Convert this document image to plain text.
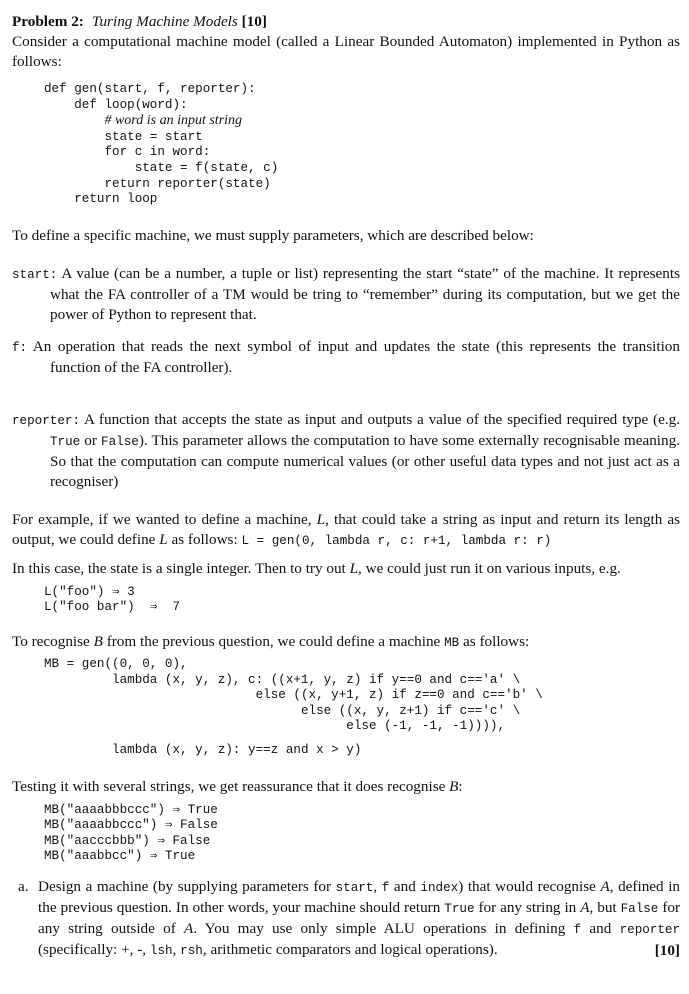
Problem 2: Turing Machine Models [10]

Consider a computational machine model (called a Linear Bounded Automaton) implemented in Python as follows:

def gen(start, f, reporter):
def loop(word):
# word is an input string
state = start
for c in word:
state = f(state, c)
return reporter(state)
return loop

To define a specific machine, we must supply parameters, which are described below:

start: A value (can be a number, a tuple or list) representing the start “state” of the machine. It represents what the FA controller of a TM would be tring to “remember” during its computation, but we get the power of Python to represent that.

f: An operation that reads the next symbol of input and updates the state (this represents the transition function of the FA controller).

reporter: A function that accepts the state as input and outputs a value of the specified required type (e.g. True or False). This parameter allows the computation to have some externally recognisable meaning. So that the computation can compute numerical values (or other useful data types and not just act as a recogniser)

For example, if we wanted to define a machine, L, that could take a string as input and return its length as output, we could define L as follows: L = gen(0, lambda r, c: r+1, lambda r: r)

In this case, the state is a single integer. Then to try out L, we could just run it on various inputs, e.g.

L("foo") ⇒ 3
L("foo bar")  ⇒  7

To recognise B from the previous question, we could define a machine MB as follows:

MB = gen((0, 0, 0),
lambda (x, y, z), c: ((x+1, y, z) if y==0 and c=='a' \
else ((x, y+1, z) if z==0 and c=='b' \
else ((x, y, z+1) if c=='c' \
else (-1, -1, -1)))),
lambda (x, y, z): y==z and x > y)

Testing it with several strings, we get reassurance that it does recognise B:

MB("aaaabbbccc") ⇒ True
MB("aaaabbccc") ⇒ False
MB("aacccbbb") ⇒ False
MB("aaabbcc") ⇒ True
a. Design a machine (by supplying parameters for start, f and index) that would recognise A, defined in the previous question. In other words, your machine should return True for any string in A, but False for any string outside of A. You may use only simple ALU operations in defining f and reporter (specifically: +, -, lsh, rsh, arithmetic comparators and logical operations).	[10]
